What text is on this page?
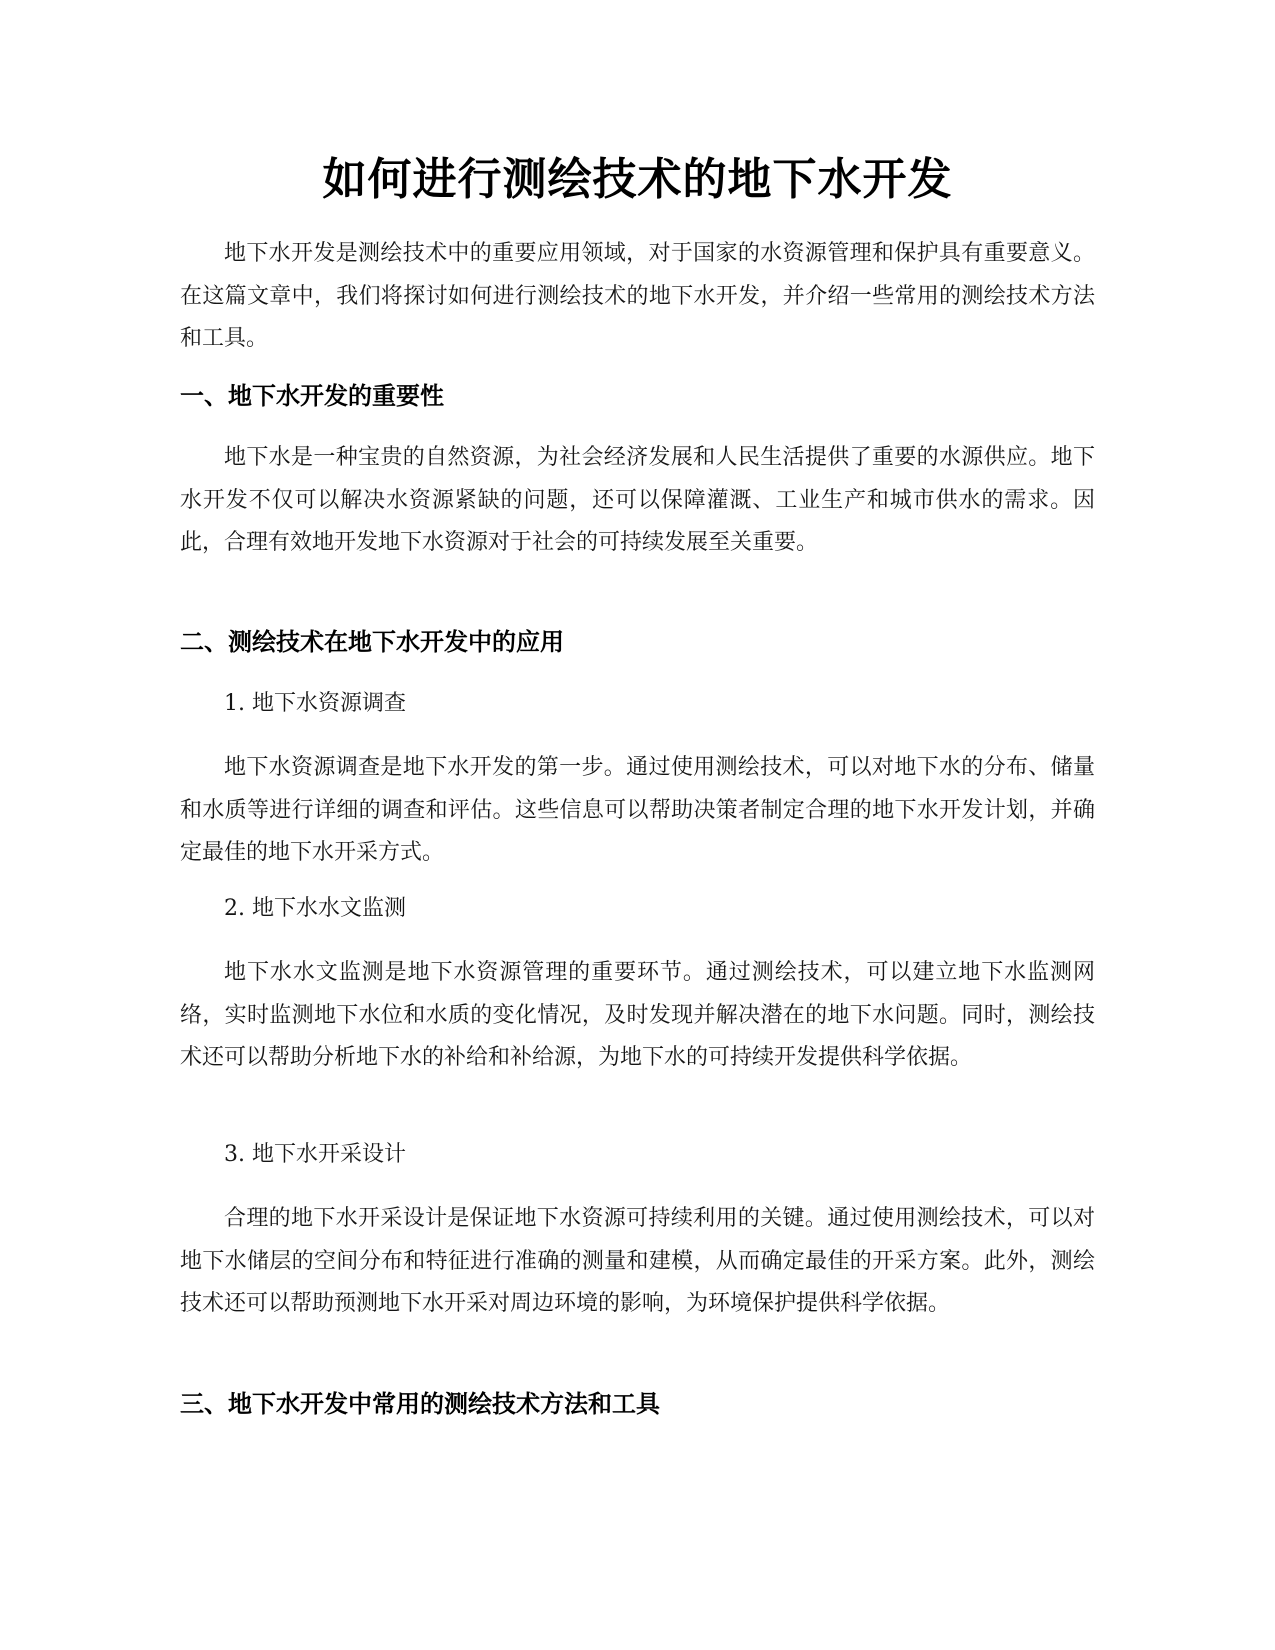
如何进行测绘技术的地下水开发

地下水开发是测绘技术中的重要应用领域，对于国家的水资源管理和保护具有重要意义。在这篇文章中，我们将探讨如何进行测绘技术的地下水开发，并介绍一些常用的测绘技术方法和工具。

一、地下水开发的重要性

地下水是一种宝贵的自然资源，为社会经济发展和人民生活提供了重要的水源供应。地下水开发不仅可以解决水资源紧缺的问题，还可以保障灌溉、工业生产和城市供水的需求。因此，合理有效地开发地下水资源对于社会的可持续发展至关重要。

二、测绘技术在地下水开发中的应用
1. 地下水资源调查

地下水资源调查是地下水开发的第一步。通过使用测绘技术，可以对地下水的分布、储量和水质等进行详细的调查和评估。这些信息可以帮助决策者制定合理的地下水开发计划，并确定最佳的地下水开采方式。

2. 地下水水文监测

地下水水文监测是地下水资源管理的重要环节。通过测绘技术，可以建立地下水监测网络，实时监测地下水位和水质的变化情况，及时发现并解决潜在的地下水问题。同时，测绘技术还可以帮助分析地下水的补给和补给源，为地下水的可持续开发提供科学依据。

3. 地下水开采设计

合理的地下水开采设计是保证地下水资源可持续利用的关键。通过使用测绘技术，可以对地下水储层的空间分布和特征进行准确的测量和建模，从而确定最佳的开采方案。此外，测绘技术还可以帮助预测地下水开采对周边环境的影响，为环境保护提供科学依据。

三、地下水开发中常用的测绘技术方法和工具
